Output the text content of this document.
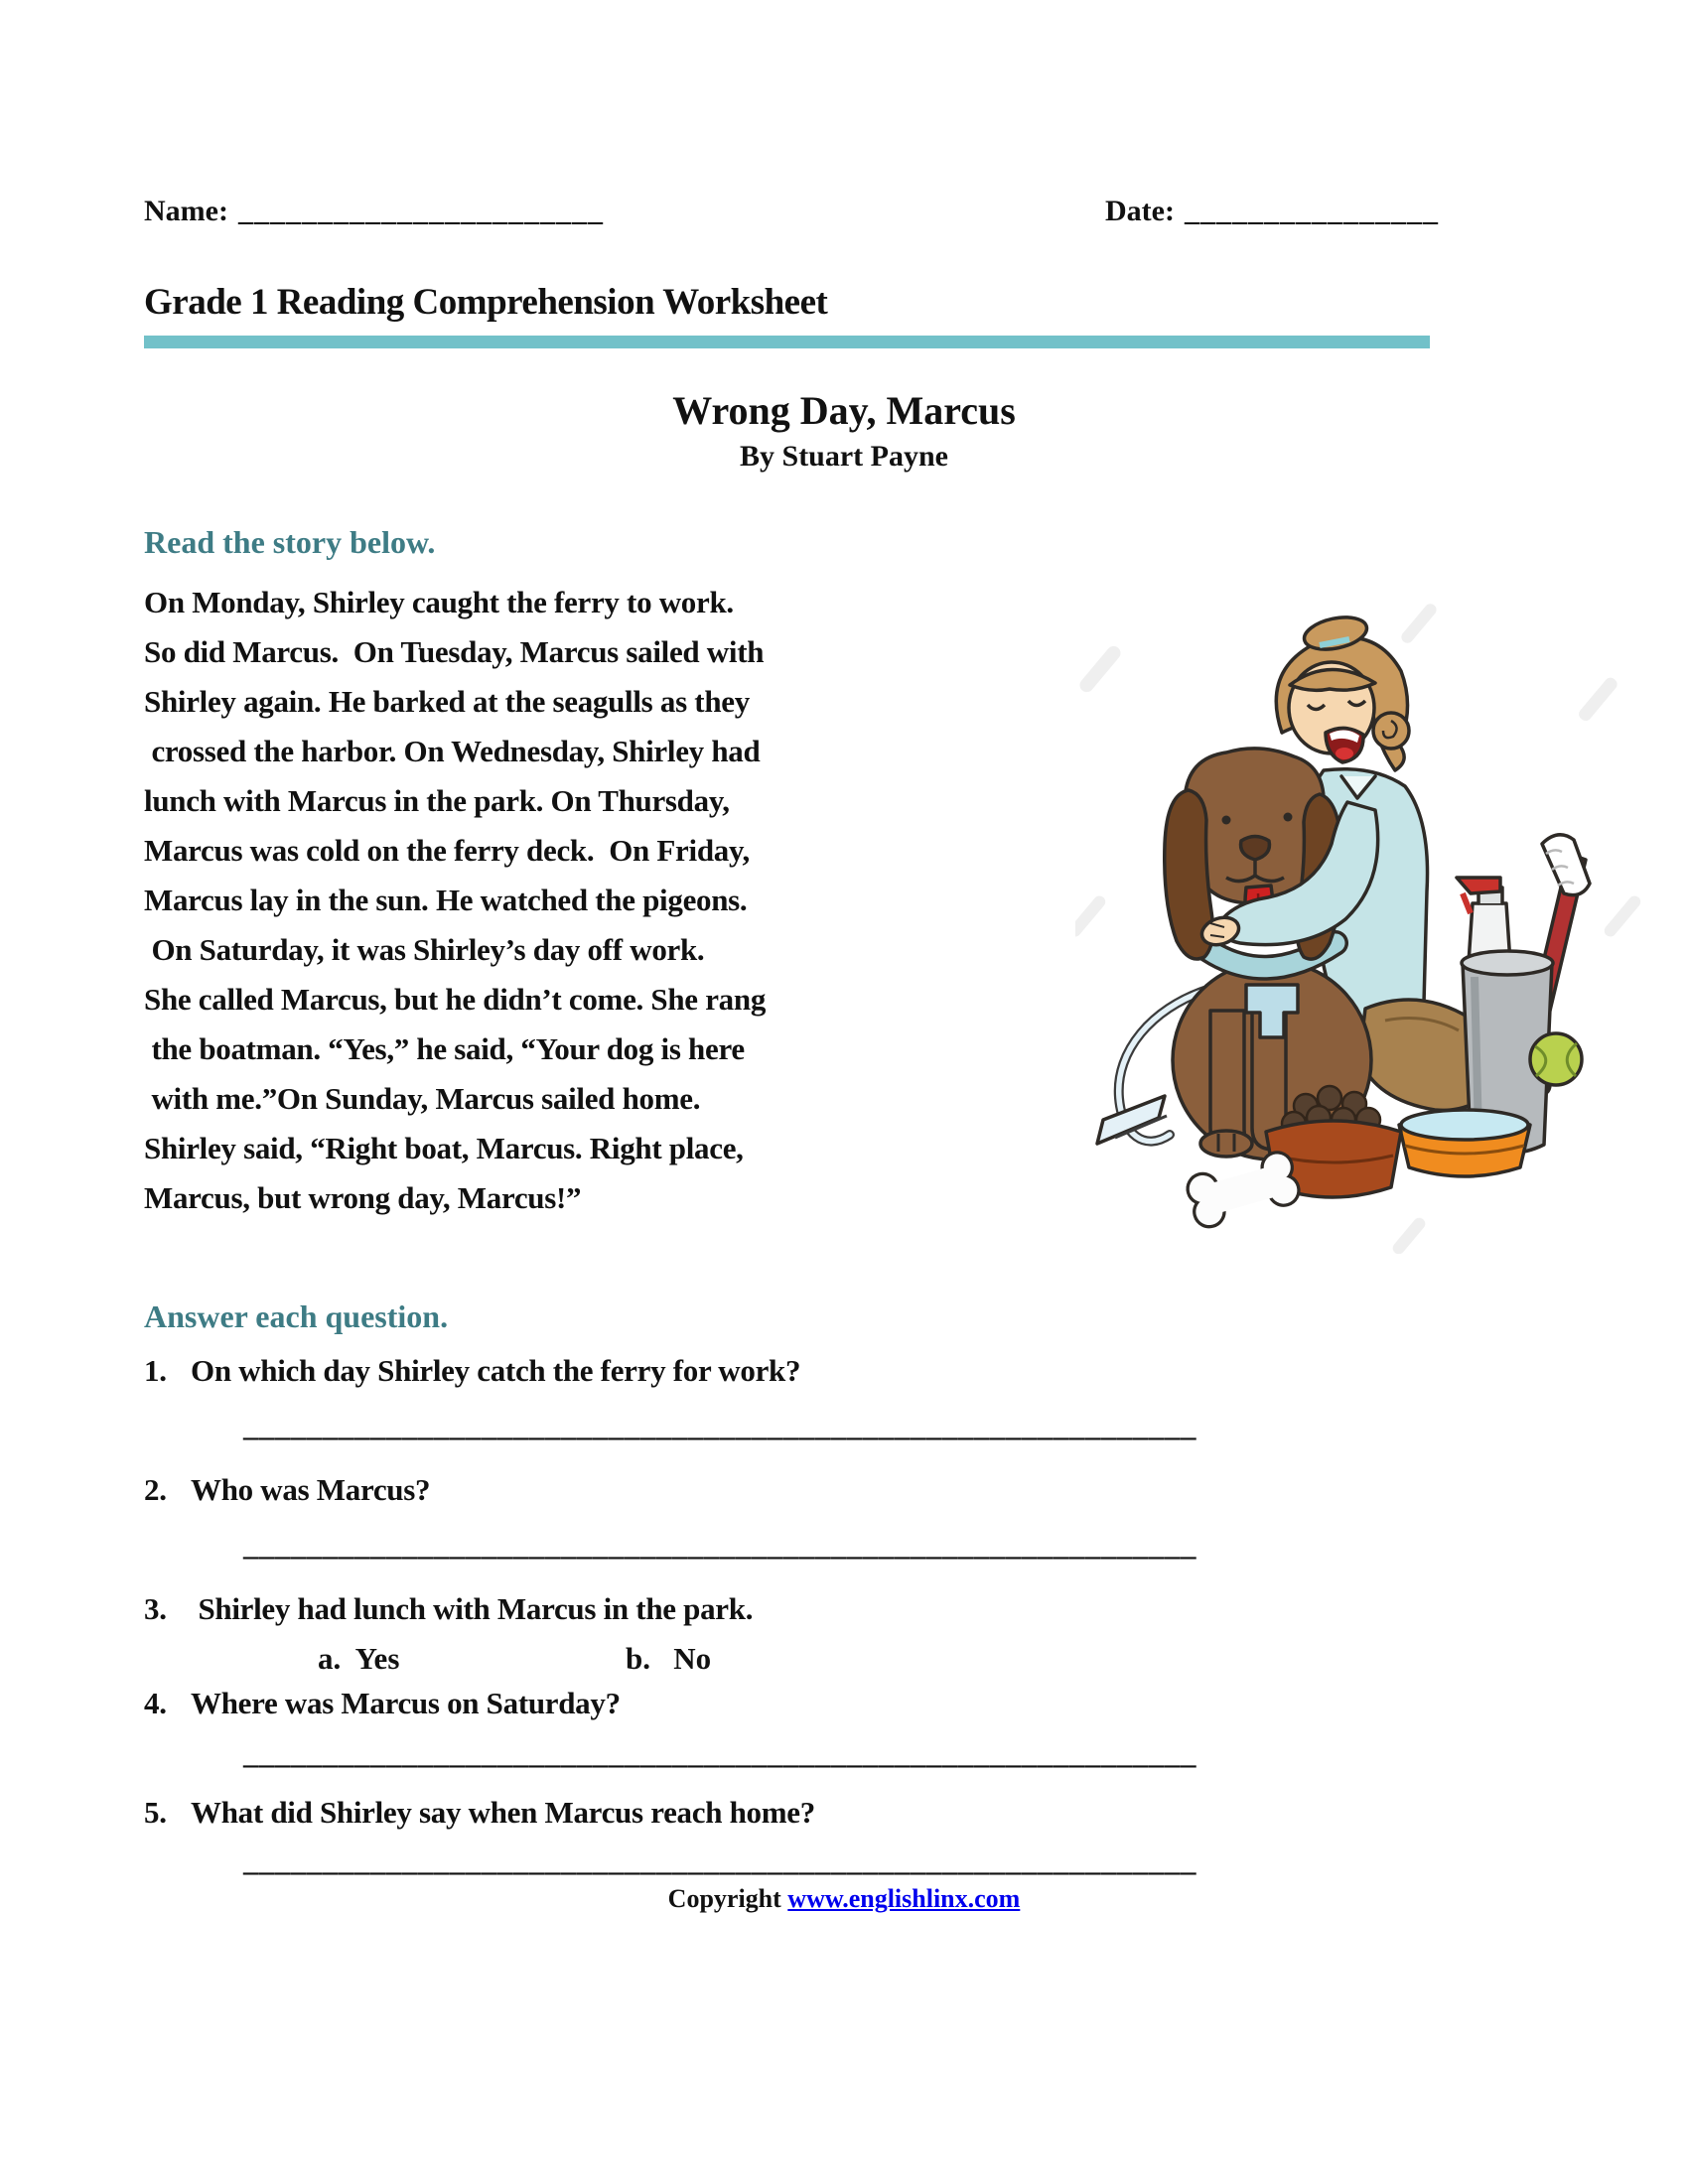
Name: _______________________	Date: ________________
Grade 1 Reading Comprehension Worksheet
Wrong Day, Marcus
By Stuart Payne
Read the story below.
On Monday, Shirley caught the ferry to work.
So did Marcus.  On Tuesday, Marcus sailed with
Shirley again. He barked at the seagulls as they
crossed the harbor. On Wednesday, Shirley had
lunch with Marcus in the park. On Thursday,
Marcus was cold on the ferry deck.  On Friday,
Marcus lay in the sun. He watched the pigeons.
On Saturday, it was Shirley’s day off work.
She called Marcus, but he didn’t come. She rang
the boatman. “Yes,” he said, “Your dog is here
with me.”On Sunday, Marcus sailed home.
Shirley said, “Right boat, Marcus. Right place,
Marcus, but wrong day, Marcus!”
Answer each question.
1. On which day Shirley catch the ferry for work?
____________________________________________________________
2. Who was Marcus?
____________________________________________________________
3. Shirley had lunch with Marcus in the park.
a. Yes	b. No
4. Where was Marcus on Saturday?
____________________________________________________________
5. What did Shirley say when Marcus reach home?
____________________________________________________________
Copyright www.englishlinx.com
